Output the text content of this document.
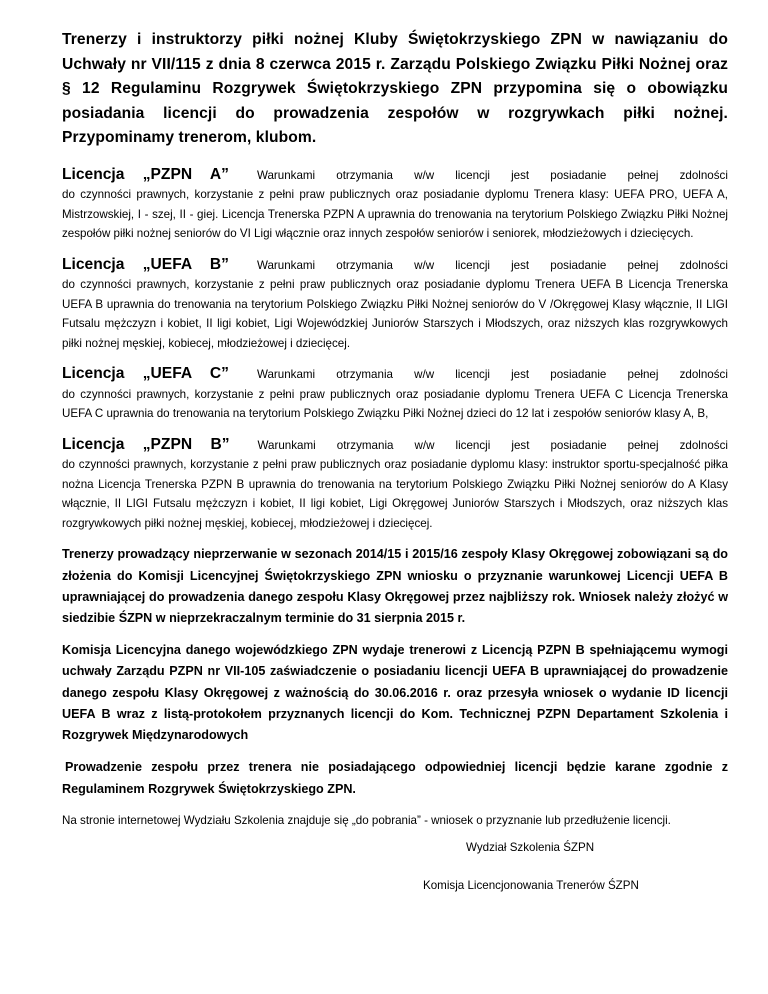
Trenerzy i instruktorzy piłki nożnej Kluby Świętokrzyskiego ZPN w nawiązaniu do Uchwały nr VII/115 z dnia 8 czerwca 2015 r. Zarządu Polskiego Związku Piłki Nożnej oraz § 12 Regulaminu Rozgrywek Świętokrzyskiego ZPN przypomina się o obowiązku posiadania licencji do prowadzenia zespołów w rozgrywkach piłki nożnej. Przypominamy trenerom, klubom.

Licencja „PZPN A” Warunkami otrzymania w/w licencji jest posiadanie pełnej zdolności

do czynności prawnych, korzystanie z pełni praw publicznych oraz posiadanie dyplomu Trenera klasy: UEFA PRO, UEFA A, Mistrzowskiej, I - szej, II - giej. Licencja Trenerska PZPN A uprawnia do trenowania na terytorium Polskiego Związku Piłki Nożnej zespołów piłki nożnej seniorów do VI Ligi włącznie oraz innych zespołów seniorów i seniorek, młodzieżowych i dziecięcych.

Licencja „UEFA B” Warunkami otrzymania w/w licencji jest posiadanie pełnej zdolności

do czynności prawnych, korzystanie z pełni praw publicznych oraz posiadanie dyplomu Trenera UEFA B Licencja Trenerska UEFA B uprawnia do trenowania na terytorium Polskiego Związku Piłki Nożnej seniorów do V /Okręgowej Klasy włącznie, II LIGI Futsalu mężczyzn i kobiet, II ligi kobiet, Ligi Wojewódzkiej Juniorów Starszych i Młodszych, oraz niższych klas rozgrywkowych piłki nożnej męskiej, kobiecej, młodzieżowej i dziecięcej.

Licencja „UEFA C” Warunkami otrzymania w/w licencji jest posiadanie pełnej zdolności

do czynności prawnych, korzystanie z pełni praw publicznych oraz posiadanie dyplomu Trenera UEFA C Licencja Trenerska UEFA C uprawnia do trenowania na terytorium Polskiego Związku Piłki Nożnej dzieci do 12 lat i zespołów seniorów klasy A, B,

Licencja „PZPN B” Warunkami otrzymania w/w licencji jest posiadanie pełnej zdolności

do czynności prawnych, korzystanie z pełni praw publicznych oraz posiadanie dyplomu klasy: instruktor sportu-specjalność piłka nożna Licencja Trenerska PZPN B uprawnia do trenowania na terytorium Polskiego Związku Piłki Nożnej seniorów do A Klasy włącznie, II LIGI Futsalu mężczyzn i kobiet, II ligi kobiet, Ligi Okręgowej Juniorów Starszych i Młodszych, oraz niższych klas rozgrywkowych piłki nożnej męskiej, kobiecej, młodzieżowej i dziecięcej.

Trenerzy prowadzący nieprzerwanie w sezonach 2014/15 i 2015/16 zespoły Klasy Okręgowej zobowiązani są do złożenia do Komisji Licencyjnej Świętokrzyskiego ZPN wniosku o przyznanie warunkowej Licencji UEFA B uprawniającej do prowadzenia danego zespołu Klasy Okręgowej przez najbliższy rok. Wniosek należy złożyć w siedzibie ŚZPN w nieprzekraczalnym terminie do 31 sierpnia 2015 r.

Komisja Licencyjna danego wojewódzkiego ZPN wydaje trenerowi z Licencją PZPN B spełniającemu wymogi uchwały Zarządu PZPN nr VII-105 zaświadczenie o posiadaniu licencji UEFA B uprawniającej do prowadzenie danego zespołu Klasy Okręgowej z ważnością do 30.06.2016 r. oraz przesyła wniosek o wydanie ID licencji UEFA B wraz z listą-protokołem przyznanych licencji do Kom. Technicznej PZPN Departament Szkolenia i Rozgrywek Międzynarodowych

Prowadzenie zespołu przez trenera nie posiadającego odpowiedniej licencji będzie karane zgodnie z Regulaminem Rozgrywek Świętokrzyskiego ZPN.

Na stronie internetowej Wydziału Szkolenia znajduje się „do pobrania” - wniosek o przyznanie lub przedłużenie licencji.

Wydział Szkolenia ŚZPN

Komisja Licencjonowania Trenerów ŚZPN
